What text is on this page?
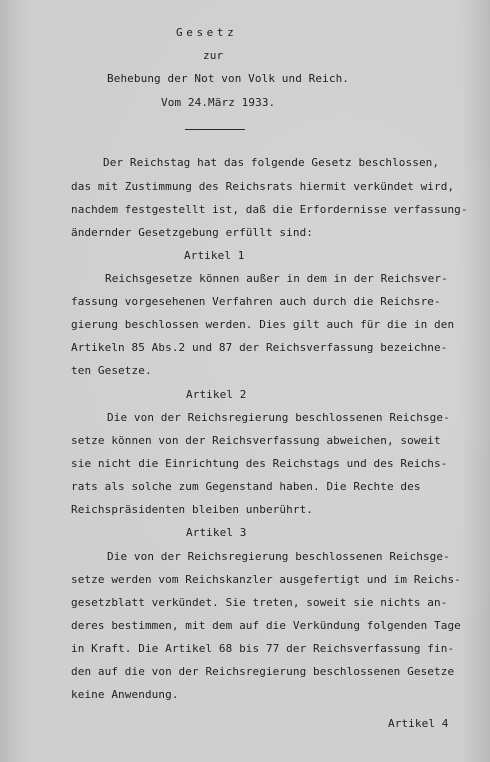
Gesetz
zur
Behebung der Not von Volk und Reich.
Vom 24.März 1933.
Der Reichstag hat das folgende Gesetz beschlossen,
das mit Zustimmung des Reichsrats hiermit verkündet wird,
nachdem festgestellt ist, daß die Erfordernisse verfassung-
ändernder Gesetzgebung erfüllt sind:
Artikel 1
Reichsgesetze können außer in dem in der Reichsver-
fassung vorgesehenen Verfahren auch durch die Reichsre-
gierung beschlossen werden. Dies gilt auch für die in den
Artikeln 85 Abs.2 und 87 der Reichsverfassung bezeichne-
ten Gesetze.
Artikel 2
Die von der Reichsregierung beschlossenen Reichsge-
setze können von der Reichsverfassung abweichen, soweit
sie nicht die Einrichtung des Reichstags und des Reichs-
rats als solche zum Gegenstand haben. Die Rechte des
Reichspräsidenten bleiben unberührt.
Artikel 3
Die von der Reichsregierung beschlossenen Reichsge-
setze werden vom Reichskanzler ausgefertigt und im Reichs-
gesetzblatt verkündet. Sie treten, soweit sie nichts an-
deres bestimmen, mit dem auf die Verkündung folgenden Tage
in Kraft. Die Artikel 68 bis 77 der Reichsverfassung fin-
den auf die von der Reichsregierung beschlossenen Gesetze
keine Anwendung.
Artikel 4
